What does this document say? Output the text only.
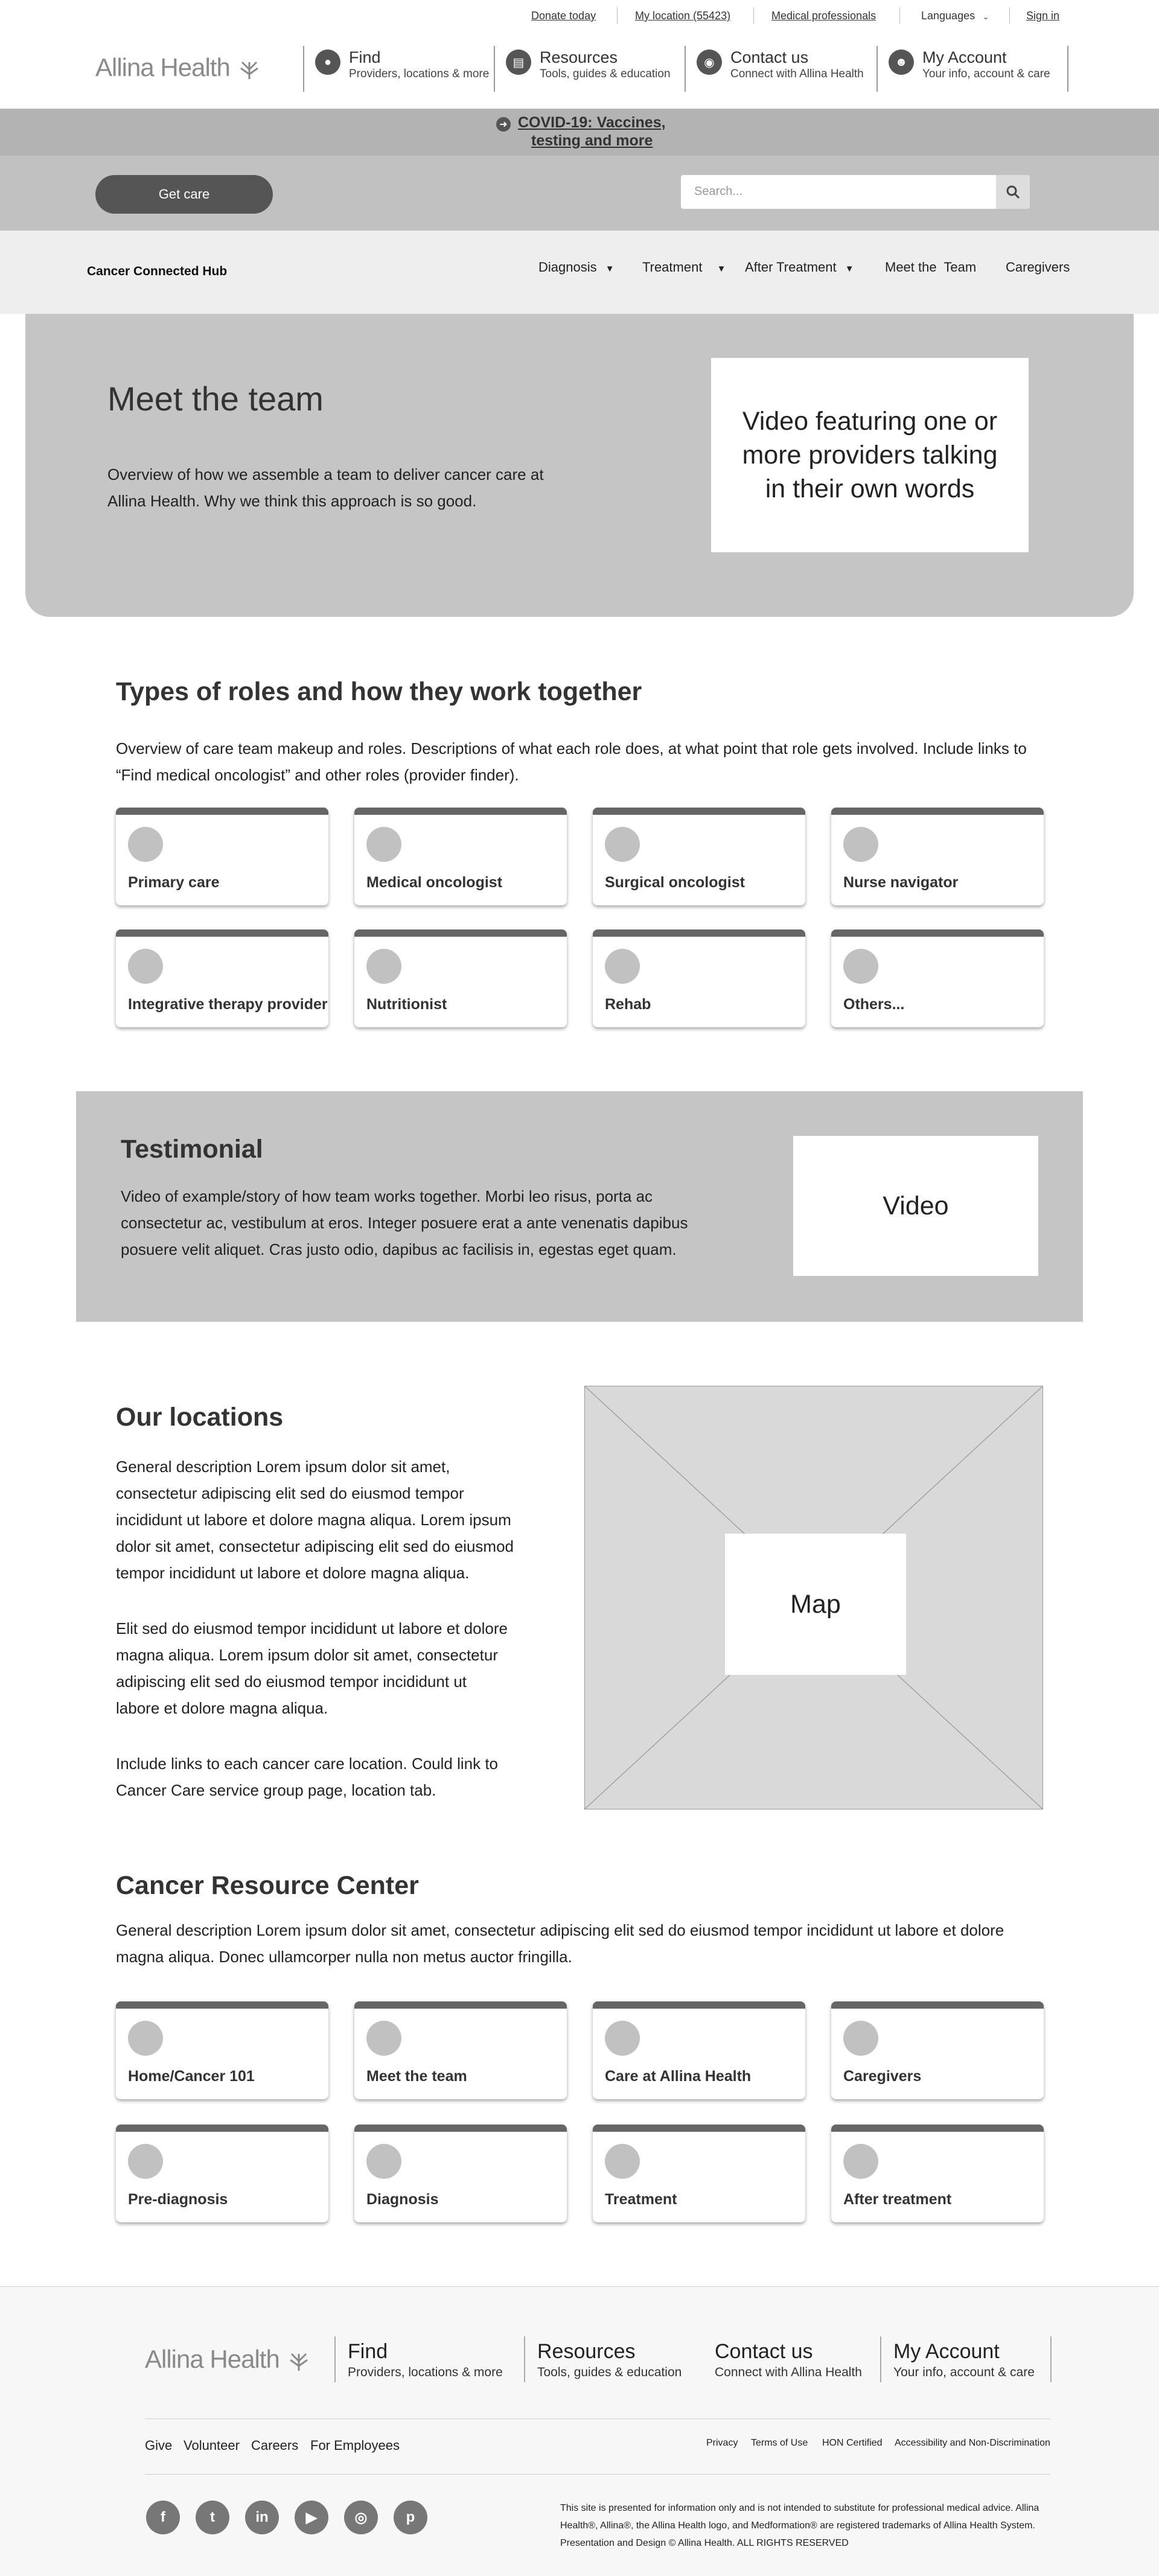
Donate today	My location (55423)	Medical professionals	Languages ⌄	Sign in
Allina Health	●	Find
Providers, locations & more
▤ Resources
Tools, guides & education
◉ Contact us
Connect with Allina Health
☻ My Account
Your info, account & care
➜ COVID-19: Vaccines,
testing and more
Get care	Search...
Cancer Connected Hub	Diagnosis ▼ Treatment ▼ After Treatment ▼ Meet the  Team Caregivers
Meet the team

Overview of how we assemble a team to deliver cancer care at Allina Health. Why we think this approach is so good.

Video featuring one or more providers talking in their own words
Types of roles and how they work together
Overview of care team makeup and roles. Descriptions of what each role does, at what point that role gets involved. Include links to “Find medical oncologist” and other roles (provider finder).
Primary care	Medical oncologist	Surgical oncologist	Nurse navigator
Integrative therapy provider	Nutritionist	Rehab	Others...
Testimonial

Video of example/story of how team works together. Morbi leo risus, porta ac consectetur ac, vestibulum at eros. Integer posuere erat a ante venenatis dapibus posuere velit aliquet. Cras justo odio, dapibus ac facilisis in, egestas eget quam.

Video
Our locations
General description Lorem ipsum dolor sit amet, consectetur adipiscing elit sed do eiusmod tempor incididunt ut labore et dolore magna aliqua. Lorem ipsum dolor sit amet, consectetur adipiscing elit sed do eiusmod tempor incididunt ut labore et dolore magna aliqua.
Elit sed do eiusmod tempor incididunt ut labore et dolore magna aliqua. Lorem ipsum dolor sit amet, consectetur adipiscing elit sed do eiusmod tempor incididunt ut labore et dolore magna aliqua.
Include links to each cancer care location. Could link to Cancer Care service group page, location tab.
Map
Cancer Resource Center
General description Lorem ipsum dolor sit amet, consectetur adipiscing elit sed do eiusmod tempor incididunt ut labore et dolore magna aliqua. Donec ullamcorper nulla non metus auctor fringilla.
Home/Cancer 101	Meet the team	Care at Allina Health	Caregivers
Pre-diagnosis	Diagnosis	Treatment	After treatment
Allina Health	Find
Providers, locations & more
Resources
Tools, guides & education
Contact us
Connect with Allina Health
My Account
Your info, account & care
Give Volunteer Careers For Employees	Privacy Terms of Use HON Certified Accessibility and Non-Discrimination
f	t	in	▶	◎	p
This site is presented for information only and is not intended to substitute for professional medical advice. Allina Health®, Allina®, the Allina Health logo, and Medformation® are registered trademarks of Allina Health System. Presentation and Design © Allina Health. ALL RIGHTS RESERVED
